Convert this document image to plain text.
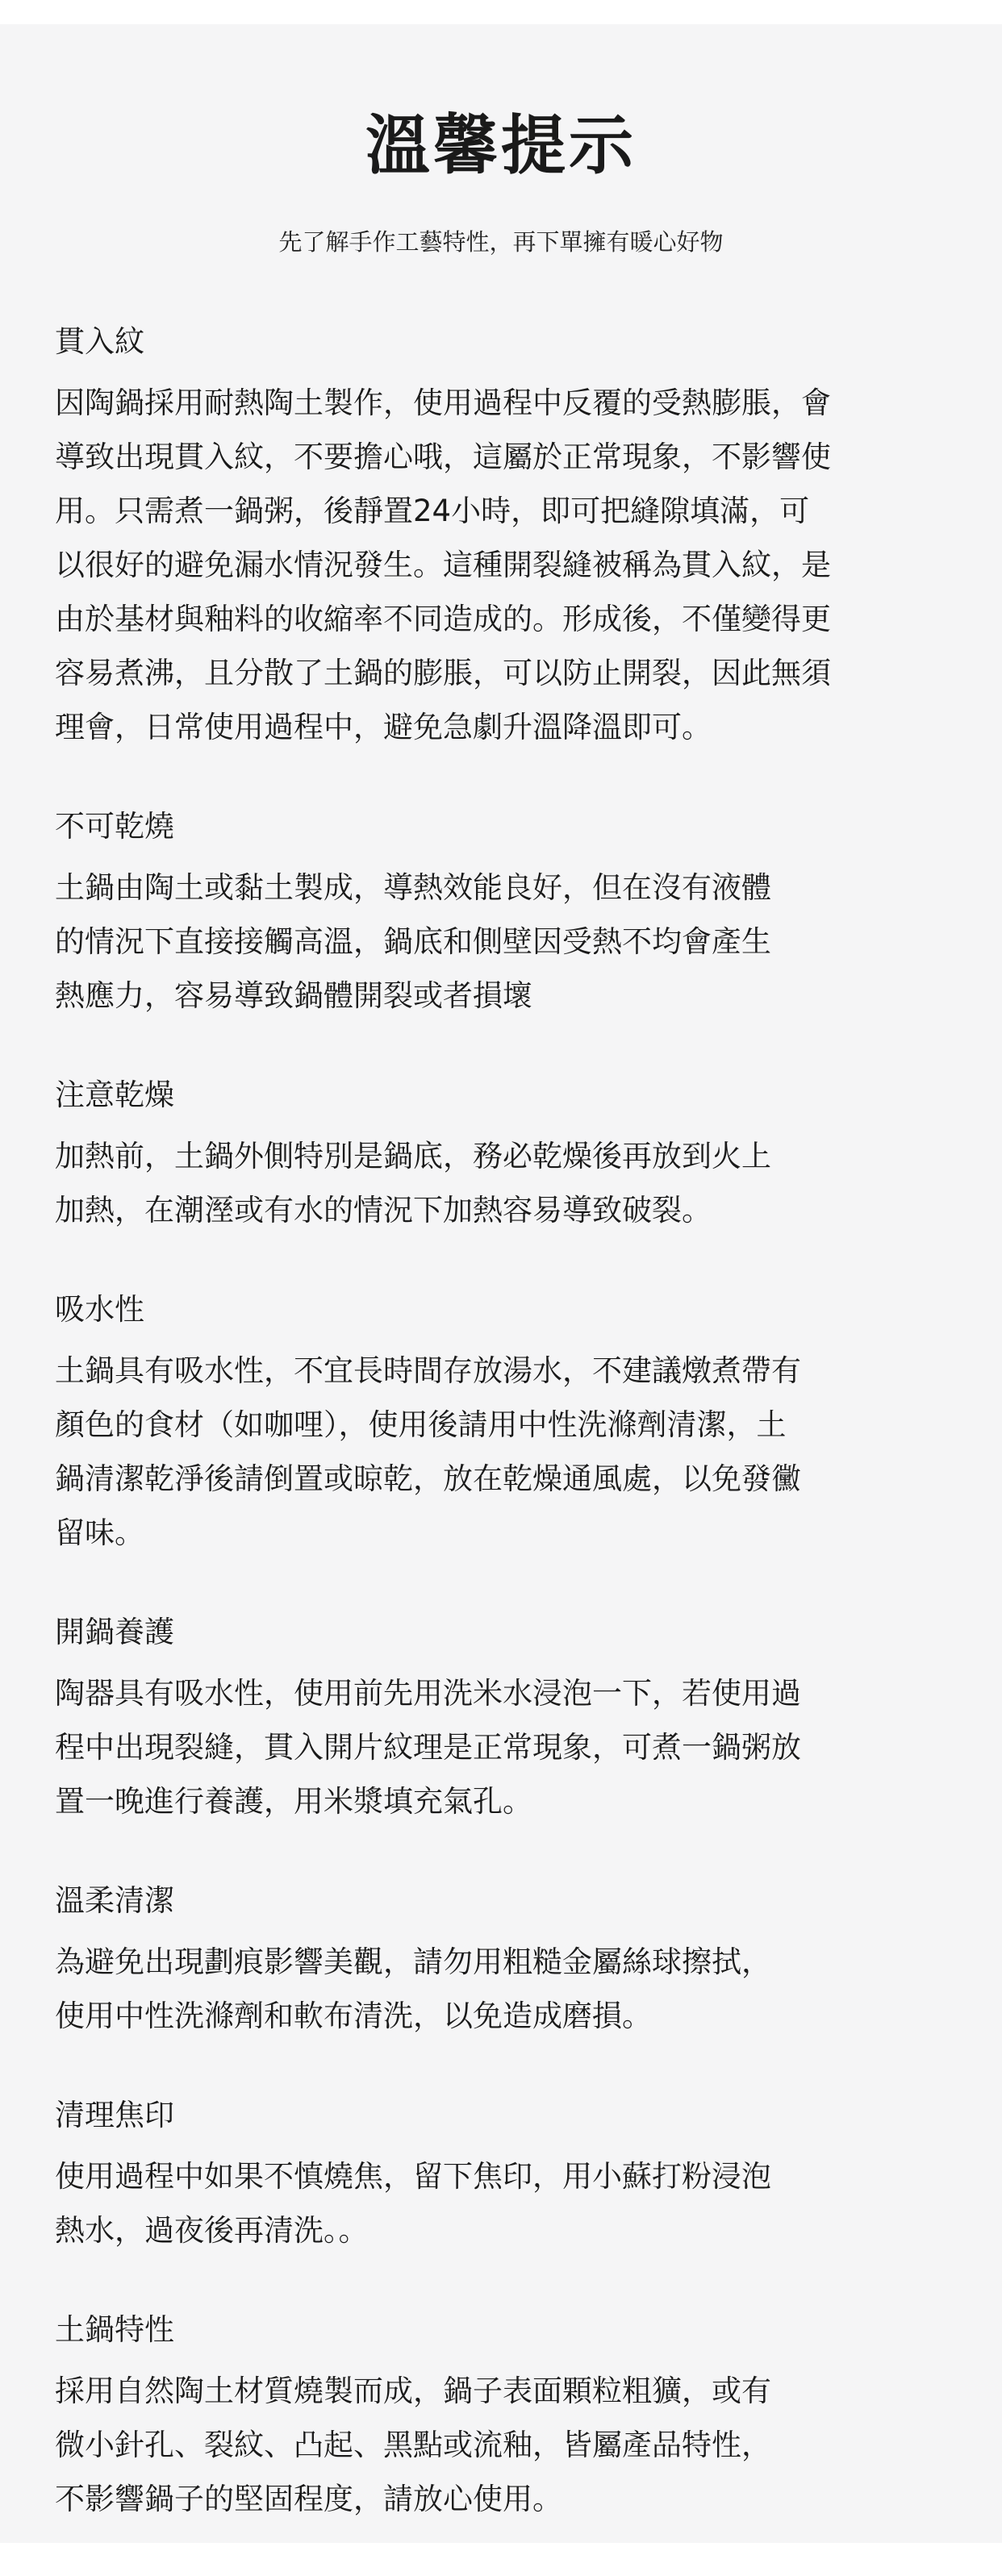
溫馨提示
先了解手作工藝特性，再下單擁有暖心好物
貫入紋
因陶鍋採用耐熱陶土製作，使用過程中反覆的受熱膨脹，會
導致出現貫入紋，不要擔心哦，這屬於正常現象，不影響使
用。只需煮一鍋粥，後靜置24小時，即可把縫隙填滿，可
以很好的避免漏水情況發生。這種開裂縫被稱為貫入紋，是
由於基材與釉料的收縮率不同造成的。形成後，不僅變得更
容易煮沸，且分散了土鍋的膨脹，可以防止開裂，因此無須
理會，日常使用過程中，避免急劇升溫降溫即可。
不可乾燒
土鍋由陶土或黏土製成，導熱效能良好，但在沒有液體
的情況下直接接觸高溫，鍋底和側壁因受熱不均會產生
熱應力，容易導致鍋體開裂或者損壞
注意乾燥
加熱前，土鍋外側特別是鍋底，務必乾燥後再放到火上
加熱，在潮溼或有水的情況下加熱容易導致破裂。
吸水性
土鍋具有吸水性，不宜長時間存放湯水，不建議燉煮帶有
顏色的食材（如咖哩），使用後請用中性洗滌劑清潔，土
鍋清潔乾淨後請倒置或晾乾，放在乾燥通風處，以免發黴
留味。
開鍋養護
陶器具有吸水性，使用前先用洗米水浸泡一下，若使用過
程中出現裂縫，貫入開片紋理是正常現象，可煮一鍋粥放
置一晚進行養護，用米漿填充氣孔。
溫柔清潔
為避免出現劃痕影響美觀，請勿用粗糙金屬絲球擦拭，
使用中性洗滌劑和軟布清洗，以免造成磨損。
清理焦印
使用過程中如果不慎燒焦，留下焦印，用小蘇打粉浸泡
熱水，過夜後再清洗。。
土鍋特性
採用自然陶土材質燒製而成，鍋子表面顆粒粗獷，或有
微小針孔、裂紋、凸起、黑點或流釉，皆屬產品特性，
不影響鍋子的堅固程度，請放心使用。
